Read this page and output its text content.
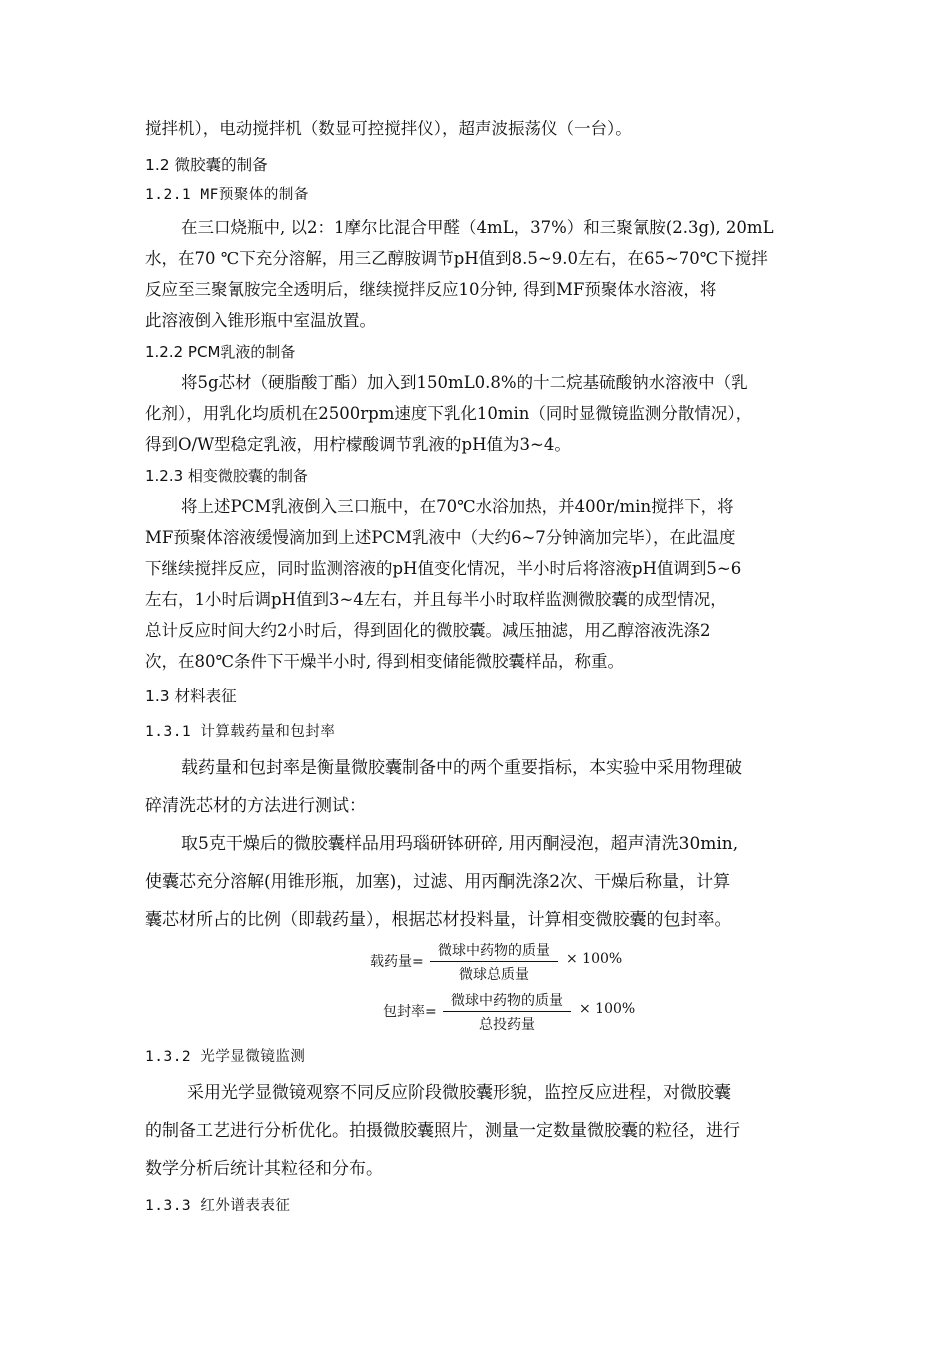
搅拌机），电动搅拌机（数显可控搅拌仪），超声波振荡仪（一台）。
1.2 微胶囊的制备
1.2.1 MF预聚体的制备
在三口烧瓶中, 以2：1摩尔比混合甲醛（4mL，37%）和三聚氰胺(2.3g), 20mL
水，在70 ℃下充分溶解，用三乙醇胺调节pH值到8.5~9.0左右，在65~70℃下搅拌
反应至三聚氰胺完全透明后，继续搅拌反应10分钟, 得到MF预聚体水溶液，将
此溶液倒入锥形瓶中室温放置。
1.2.2 PCM乳液的制备
将5g芯材（硬脂酸丁酯）加入到150mL0.8%的十二烷基硫酸钠水溶液中（乳
化剂），用乳化均质机在2500rpm速度下乳化10min（同时显微镜监测分散情况），
得到O/W型稳定乳液，用柠檬酸调节乳液的pH值为3~4。
1.2.3 相变微胶囊的制备
将上述PCM乳液倒入三口瓶中，在70℃水浴加热，并400r/min搅拌下，将
MF预聚体溶液缓慢滴加到上述PCM乳液中（大约6~7分钟滴加完毕），在此温度
下继续搅拌反应，同时监测溶液的pH值变化情况，半小时后将溶液pH值调到5~6
左右，1小时后调pH值到3~4左右，并且每半小时取样监测微胶囊的成型情况，
总计反应时间大约2小时后，得到固化的微胶囊。减压抽滤，用乙醇溶液洗涤2
次，在80℃条件下干燥半小时, 得到相变储能微胶囊样品，称重。
1.3 材料表征
1.3.1 计算载药量和包封率
载药量和包封率是衡量微胶囊制备中的两个重要指标，本实验中采用物理破
碎清洗芯材的方法进行测试：
取5克干燥后的微胶囊样品用玛瑙研钵研碎, 用丙酮浸泡，超声清洗30min,
使囊芯充分溶解(用锥形瓶，加塞)，过滤、用丙酮洗涤2次、干燥后称量，计算
囊芯材所占的比例（即载药量），根据芯材投料量，计算相变微胶囊的包封率。
载药量=
微球中药物的质量
微球总质量
× 100%
包封率=
微球中药物的质量
总投药量
× 100%
1.3.2 光学显微镜监测
采用光学显微镜观察不同反应阶段微胶囊形貌，监控反应进程，对微胶囊
的制备工艺进行分析优化。拍摄微胶囊照片，测量一定数量微胶囊的粒径，进行
数学分析后统计其粒径和分布。
1.3.3 红外谱表表征
